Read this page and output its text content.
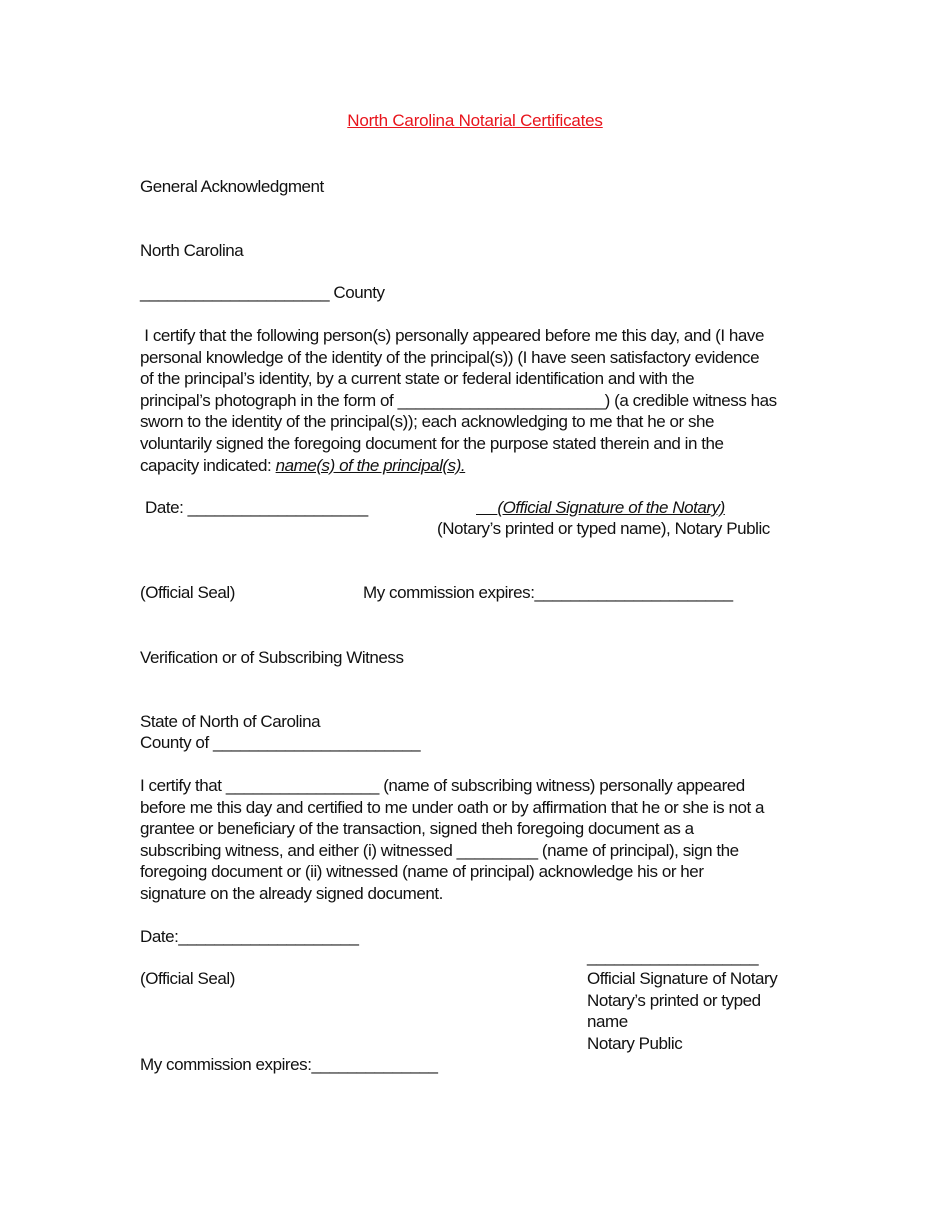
North Carolina Notarial Certificates
General Acknowledgment
North Carolina
_____________________ County
I certify that the following person(s) personally appeared before me this day, and (I have
personal knowledge of the identity of the principal(s)) (I have seen satisfactory evidence
of the principal’s identity, by a current state or federal identification and with the
principal’s photograph in the form of _______________________) (a credible witness has
sworn to the identity of the principal(s)); each acknowledging to me that he or she
voluntarily signed the foregoing document for the purpose stated therein and in the
capacity indicated: name(s) of the principal(s).
Date: ____________________	(Official Signature of the Notary)
(Notary’s printed or typed name), Notary Public
(Official Seal)	My commission expires:______________________
Verification or of Subscribing Witness
State of North of Carolina
County of _______________________
I certify that _________________ (name of subscribing witness) personally appeared
before me this day and certified to me under oath or by affirmation that he or she is not a
grantee or beneficiary of the transaction, signed theh foregoing document as a
subscribing witness, and either (i) witnessed _________ (name of principal), sign the
foregoing document or (ii) witnessed (name of principal) acknowledge his or her
signature on the already signed document.
Date:____________________
___________________
(Official Seal)	Official Signature of Notary
Notary’s printed or typed
name
Notary Public
My commission expires:______________
